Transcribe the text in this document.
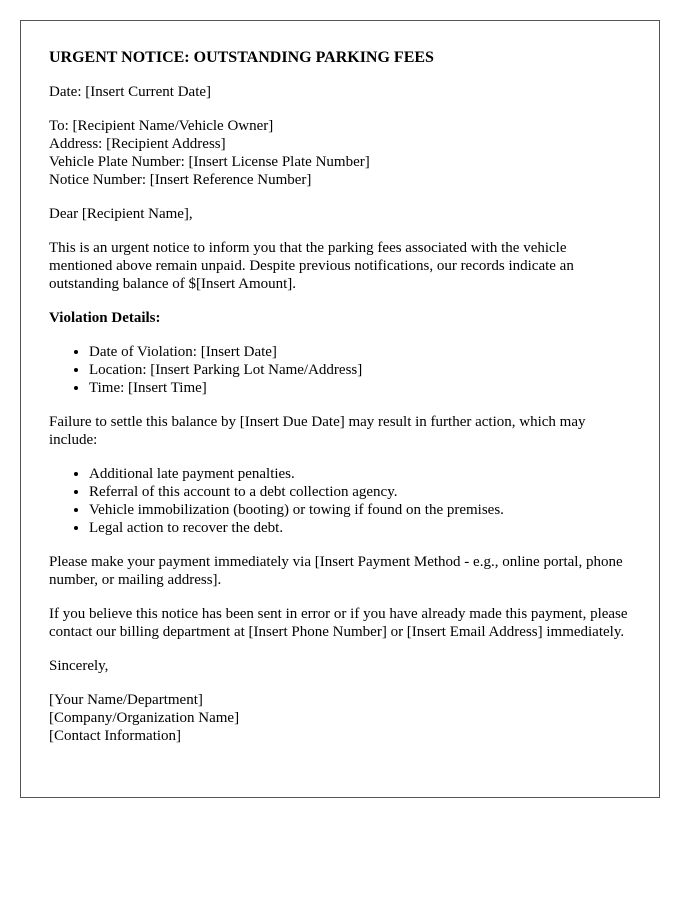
URGENT NOTICE: OUTSTANDING PARKING FEES

Date: [Insert Current Date]

To: [Recipient Name/Vehicle Owner]
Address: [Recipient Address]
Vehicle Plate Number: [Insert License Plate Number]
Notice Number: [Insert Reference Number]

Dear [Recipient Name],

This is an urgent notice to inform you that the parking fees associated with the vehicle mentioned above remain unpaid. Despite previous notifications, our records indicate an outstanding balance of $[Insert Amount].

Violation Details:

• Date of Violation: [Insert Date]
• Location: [Insert Parking Lot Name/Address]
• Time: [Insert Time]

Failure to settle this balance by [Insert Due Date] may result in further action, which may include:

• Additional late payment penalties.
• Referral of this account to a debt collection agency.
• Vehicle immobilization (booting) or towing if found on the premises.
• Legal action to recover the debt.

Please make your payment immediately via [Insert Payment Method - e.g., online portal, phone number, or mailing address].

If you believe this notice has been sent in error or if you have already made this payment, please contact our billing department at [Insert Phone Number] or [Insert Email Address] immediately.

Sincerely,

[Your Name/Department]
[Company/Organization Name]
[Contact Information]
